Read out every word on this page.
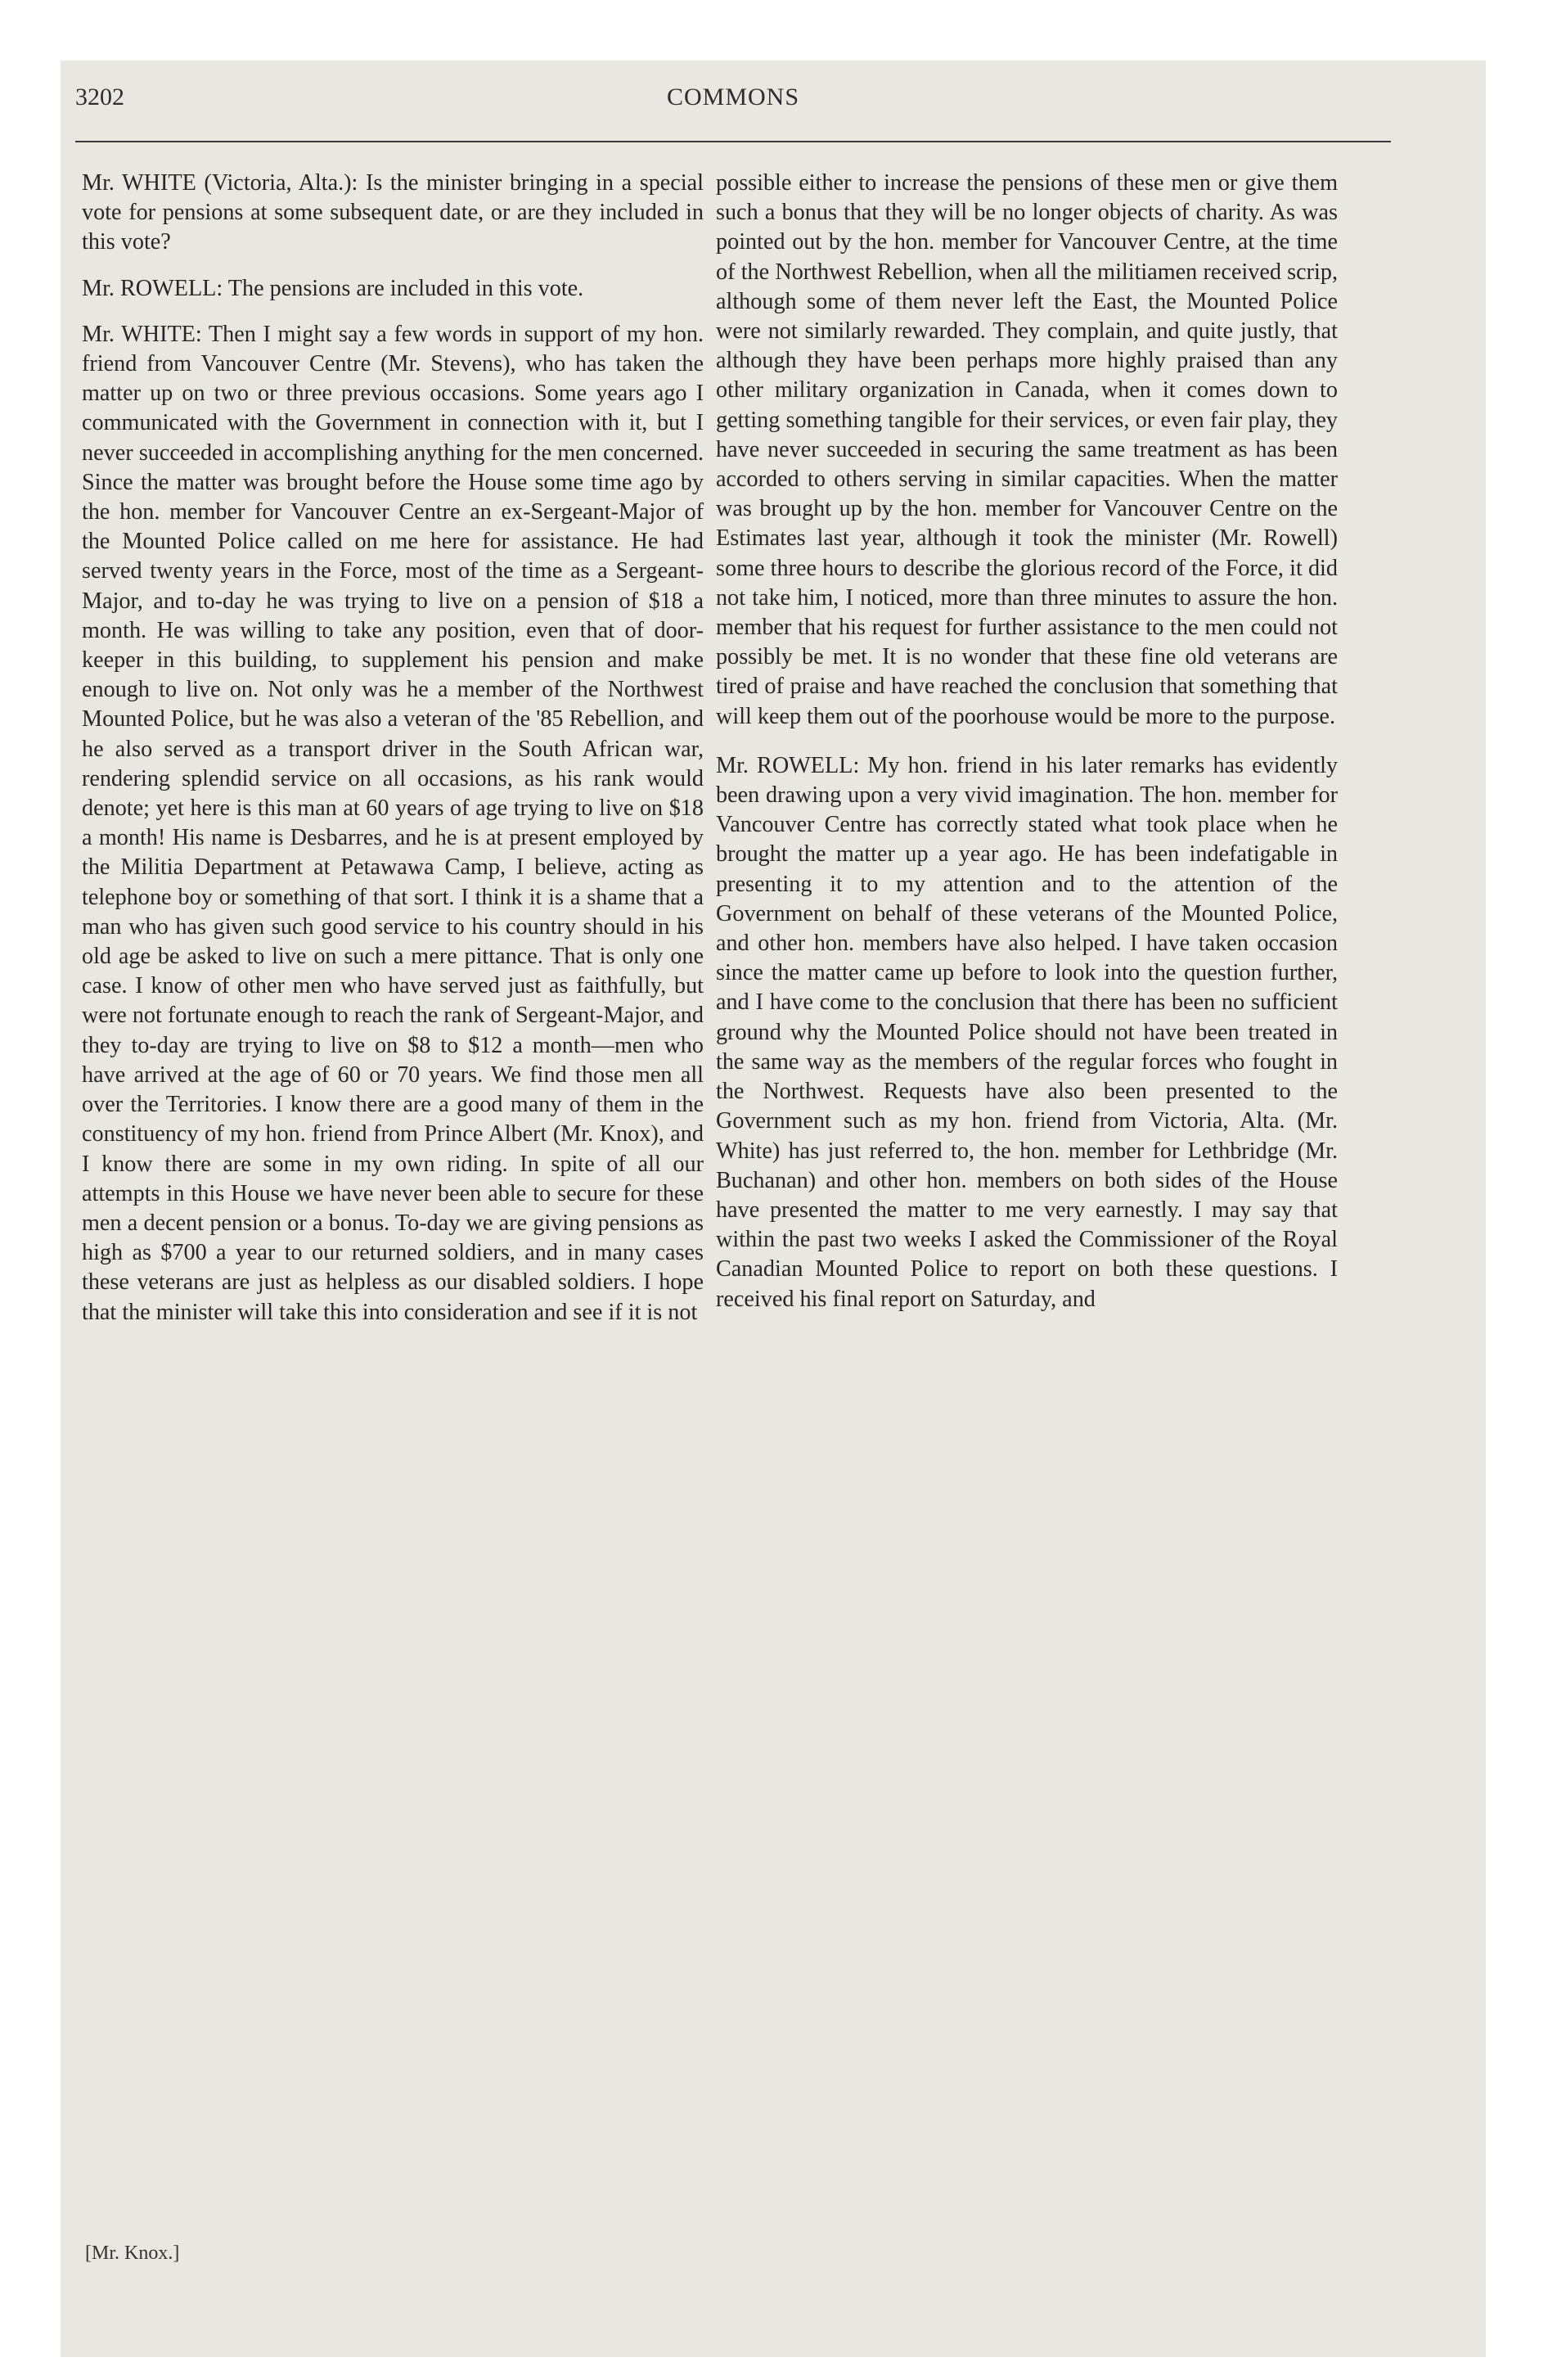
3202	COMMONS

Mr. WHITE (Victoria, Alta.): Is the minister bringing in a special vote for pensions at some subsequent date, or are they included in this vote?

Mr. ROWELL: The pensions are included in this vote.

Mr. WHITE: Then I might say a few words in support of my hon. friend from Vancouver Centre (Mr. Stevens), who has taken the matter up on two or three previous occasions. Some years ago I communicated with the Government in connection with it, but I never succeeded in accomplishing anything for the men concerned. Since the matter was brought before the House some time ago by the hon. member for Vancouver Centre an ex-Sergeant-Major of the Mounted Police called on me here for assistance. He had served twenty years in the Force, most of the time as a Sergeant-Major, and to-day he was trying to live on a pension of $18 a month. He was willing to take any position, even that of door-keeper in this building, to supplement his pension and make enough to live on. Not only was he a member of the Northwest Mounted Police, but he was also a veteran of the '85 Rebellion, and he also served as a transport driver in the South African war, rendering splendid service on all occasions, as his rank would denote; yet here is this man at 60 years of age trying to live on $18 a month! His name is Desbarres, and he is at present employed by the Militia Department at Petawawa Camp, I believe, acting as telephone boy or something of that sort. I think it is a shame that a man who has given such good service to his country should in his old age be asked to live on such a mere pittance. That is only one case. I know of other men who have served just as faithfully, but were not fortunate enough to reach the rank of Sergeant-Major, and they to-day are trying to live on $8 to $12 a month—men who have arrived at the age of 60 or 70 years. We find those men all over the Territories. I know there are a good many of them in the constituency of my hon. friend from Prince Albert (Mr. Knox), and I know there are some in my own riding. In spite of all our attempts in this House we have never been able to secure for these men a decent pension or a bonus. To-day we are giving pensions as high as $700 a year to our returned soldiers, and in many cases these veterans are just as helpless as our disabled soldiers. I hope that the minister will take this into consideration and see if it is not

possible either to increase the pensions of these men or give them such a bonus that they will be no longer objects of charity. As was pointed out by the hon. member for Vancouver Centre, at the time of the Northwest Rebellion, when all the militiamen received scrip, although some of them never left the East, the Mounted Police were not similarly rewarded. They complain, and quite justly, that although they have been perhaps more highly praised than any other military organization in Canada, when it comes down to getting something tangible for their services, or even fair play, they have never succeeded in securing the same treatment as has been accorded to others serving in similar capacities. When the matter was brought up by the hon. member for Vancouver Centre on the Estimates last year, although it took the minister (Mr. Rowell) some three hours to describe the glorious record of the Force, it did not take him, I noticed, more than three minutes to assure the hon. member that his request for further assistance to the men could not possibly be met. It is no wonder that these fine old veterans are tired of praise and have reached the conclusion that something that will keep them out of the poorhouse would be more to the purpose.

Mr. ROWELL: My hon. friend in his later remarks has evidently been drawing upon a very vivid imagination. The hon. member for Vancouver Centre has correctly stated what took place when he brought the matter up a year ago. He has been indefatigable in presenting it to my attention and to the attention of the Government on behalf of these veterans of the Mounted Police, and other hon. members have also helped. I have taken occasion since the matter came up before to look into the question further, and I have come to the conclusion that there has been no sufficient ground why the Mounted Police should not have been treated in the same way as the members of the regular forces who fought in the Northwest. Requests have also been presented to the Government such as my hon. friend from Victoria, Alta. (Mr. White) has just referred to, the hon. member for Lethbridge (Mr. Buchanan) and other hon. members on both sides of the House have presented the matter to me very earnestly. I may say that within the past two weeks I asked the Commissioner of the Royal Canadian Mounted Police to report on both these questions. I received his final report on Saturday, and

[Mr. Knox.]
